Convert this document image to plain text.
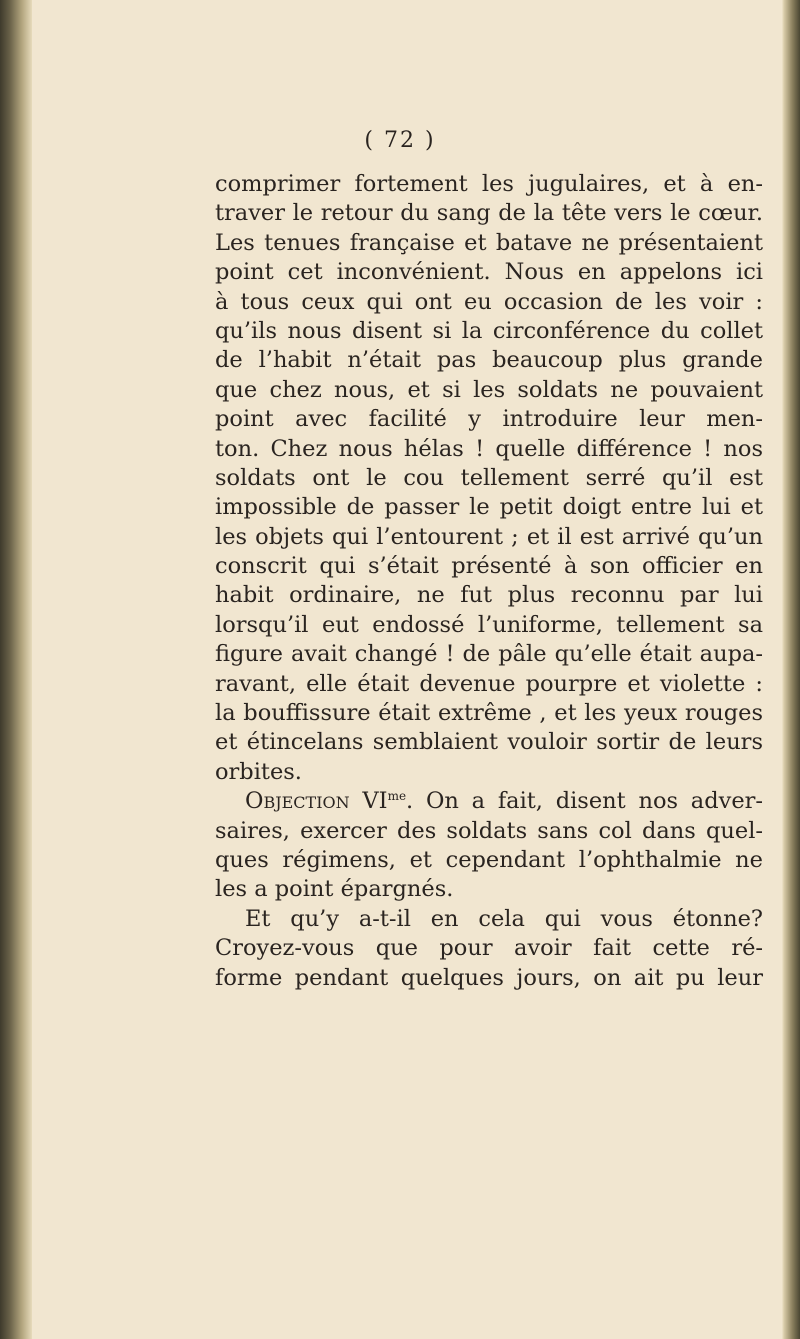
( 72 )
comprimer fortement les jugulaires, et à en-
traver le retour du sang de la tête vers le cœur.
Les tenues française et batave ne présentaient
point cet inconvénient. Nous en appelons ici
à tous ceux qui ont eu occasion de les voir :
qu’ils nous disent si la circonférence du collet
de l’habit n’était pas beaucoup plus grande
que chez nous, et si les soldats ne pouvaient
point avec facilité y introduire leur men-
ton. Chez nous hélas ! quelle différence ! nos
soldats ont le cou tellement serré qu’il est
impossible de passer le petit doigt entre lui et
les objets qui l’entourent ; et il est arrivé qu’un
conscrit qui s’était présenté à son officier en
habit ordinaire, ne fut plus reconnu par lui
lorsqu’il eut endossé l’uniforme, tellement sa
figure avait changé ! de pâle qu’elle était aupa-
ravant, elle était devenue pourpre et violette :
la bouffissure était extrême , et les yeux rouges
et étincelans semblaient vouloir sortir de leurs
orbites.
Objection $VI^{me}$. On a fait, disent nos adver-
saires, exercer des soldats sans col dans quel-
ques régimens, et cependant l’ophthalmie ne
les a point épargnés.
Et qu’y a-t-il en cela qui vous étonne?
Croyez-vous que pour avoir fait cette ré-
forme pendant quelques jours, on ait pu leur
